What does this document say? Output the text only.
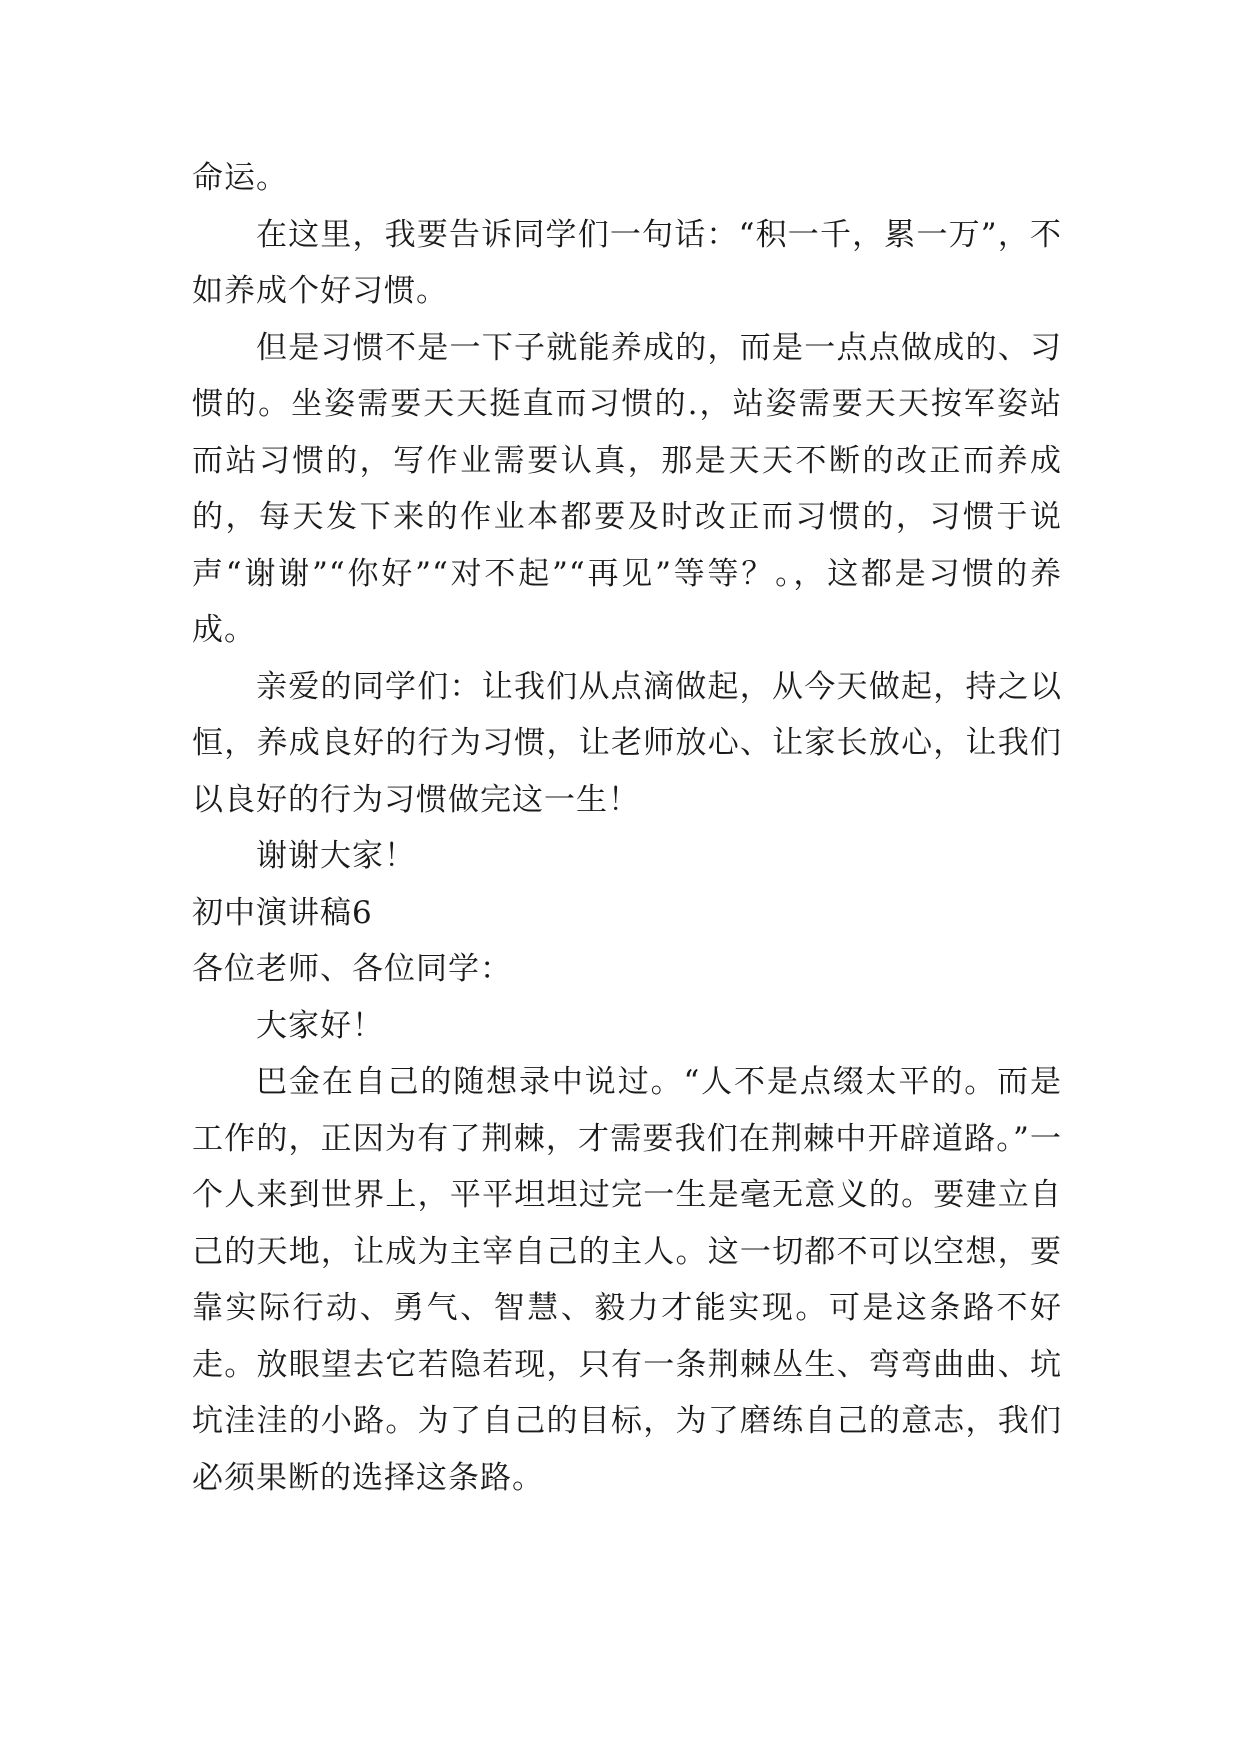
命运。

在这里，我要告诉同学们一句话：“积一千，累一万”，不如养成个好习惯。

但是习惯不是一下子就能养成的，而是一点点做成的、习惯的。坐姿需要天天挺直而习惯的.，站姿需要天天按军姿站而站习惯的，写作业需要认真，那是天天不断的改正而养成的，每天发下来的作业本都要及时改正而习惯的，习惯于说声“谢谢”“你好”“对不起”“再见”等等？。，这都是习惯的养成。

亲爱的同学们：让我们从点滴做起，从今天做起，持之以恒，养成良好的行为习惯，让老师放心、让家长放心，让我们以良好的行为习惯做完这一生！

谢谢大家！

初中演讲稿6

各位老师、各位同学：

大家好！

巴金在自己的随想录中说过。“人不是点缀太平的。而是工作的，正因为有了荆棘，才需要我们在荆棘中开辟道路。”一个人来到世界上，平平坦坦过完一生是毫无意义的。要建立自己的天地，让成为主宰自己的主人。这一切都不可以空想，要靠实际行动、勇气、智慧、毅力才能实现。可是这条路不好走。放眼望去它若隐若现，只有一条荆棘丛生、弯弯曲曲、坑坑洼洼的小路。为了自己的目标，为了磨练自己的意志，我们必须果断的选择这条路。
